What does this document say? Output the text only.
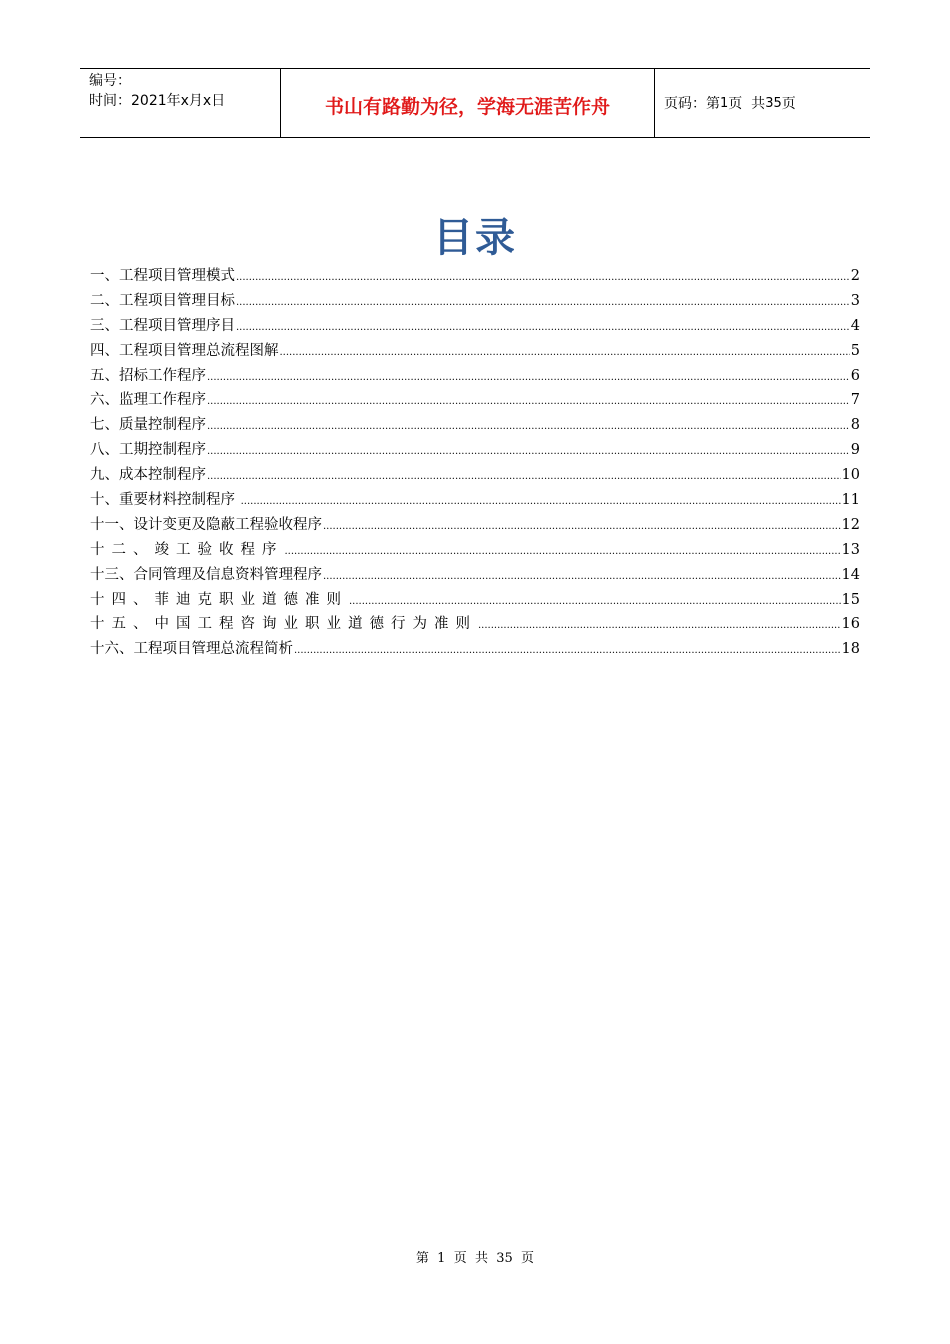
编号：
时间：2021年x月x日	书山有路勤为径，学海无涯苦作舟	页码：第 1 页  共 35 页
目录
一、工程项目管理模式 .....	2
二、工程项目管理目标 .....	3
三、工程项目管理序目 .....	4
四、工程项目管理总流程图解 .....	5
五、招标工作程序 .....	6
六、监理工作程序 .....	7
七、质量控制程序 .....	8
八、工期控制程序 .....	9
九、成本控制程序 .....	10
十、重要材料控制程序 .....	11
十一、设计变更及隐蔽工程验收程序 .....	12
十二、竣工验收程序 .....	13
十三、合同管理及信息资料管理程序 .....	14
十四、菲迪克职业道德准则 .....	15
十五、中国工程咨询业职业道德行为准则 .....	16
十六、工程项目管理总流程简析 .....	18
第  1  页  共  35  页
